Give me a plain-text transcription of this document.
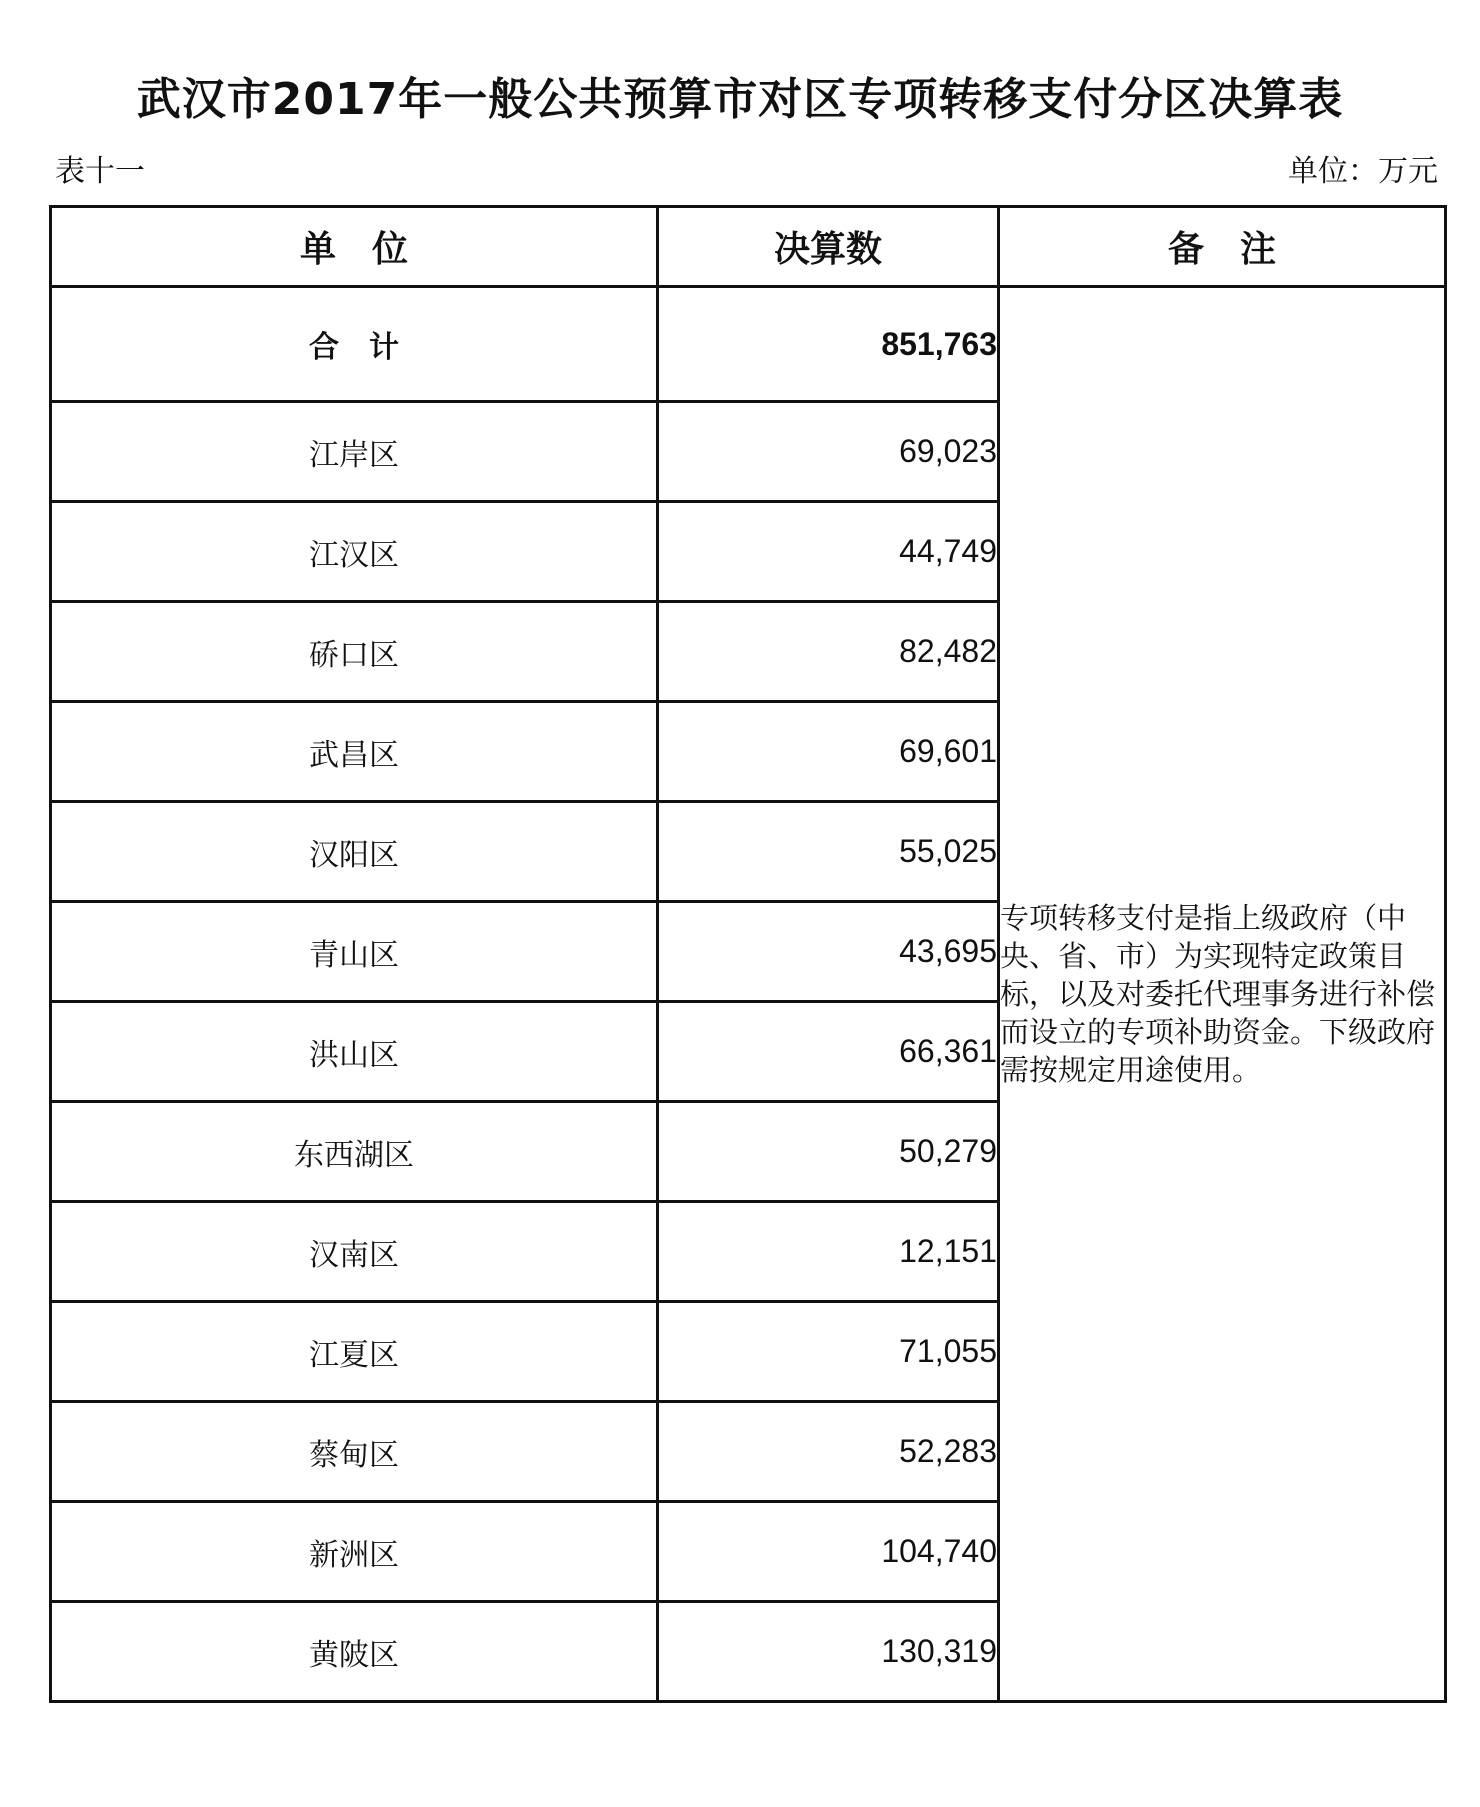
武汉市2017年一般公共预算市对区专项转移支付分区决算表
表十一	单位：万元
单　位	决算数	备　注
合　计	851,763	专项转移支付是指上级政府（中央、省、市）为实现特定政策目标，以及对委托代理事务进行补偿而设立的专项补助资金。下级政府需按规定用途使用。
江岸区	69,023	
江汉区	44,749	
硚口区	82,482	
武昌区	69,601	
汉阳区	55,025	
青山区	43,695	
洪山区	66,361	
东西湖区	50,279	
汉南区	12,151	
江夏区	71,055	
蔡甸区	52,283	
新洲区	104,740	
黄陂区	130,319	
